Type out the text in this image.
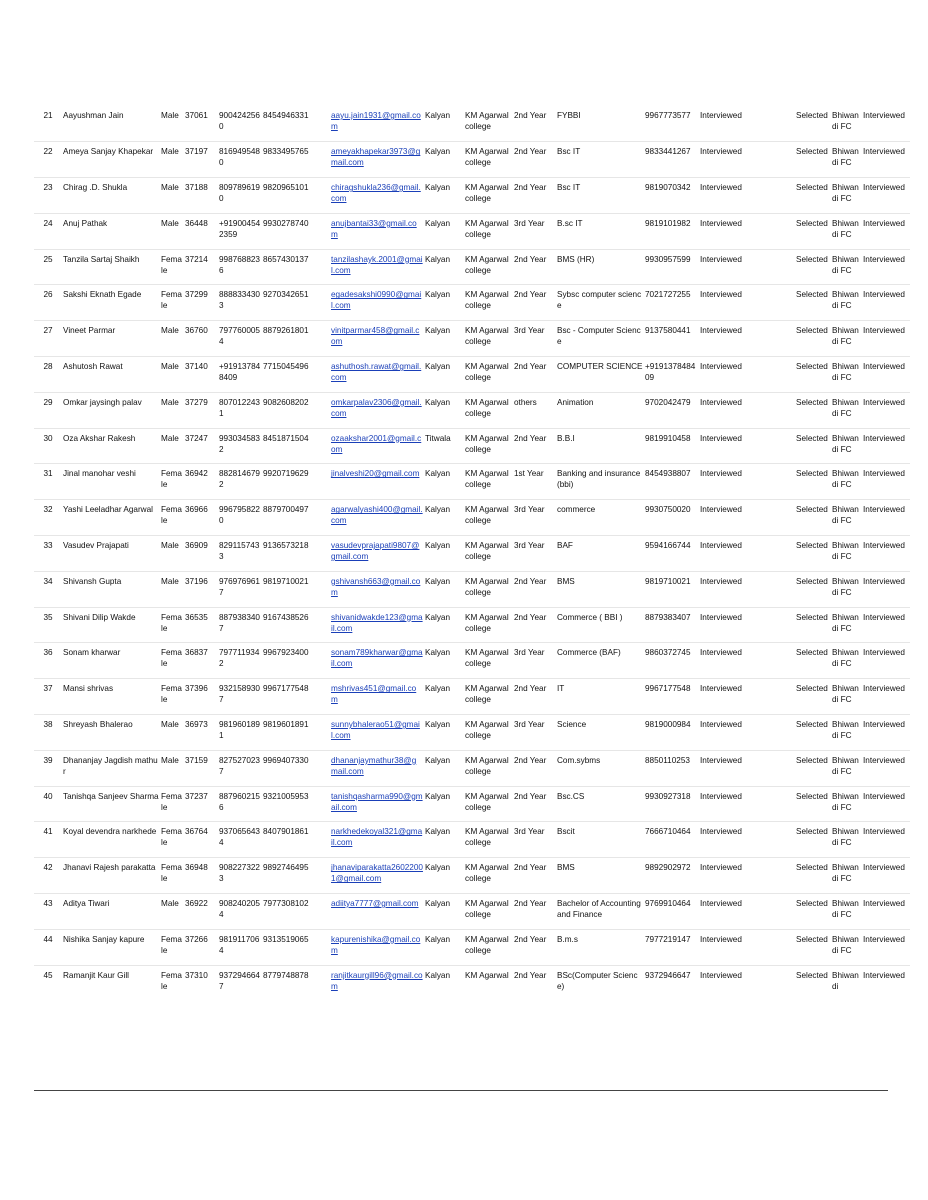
21	Aayushman Jain	Male	37061	9004242560	8454946331	aayu.jain1931@gmail.com	Kalyan	KM Agarwal college	2nd Year	FYBBI	9967773577	Interviewed	Selected	Bhiwandi FC	Interviewed
22	Ameya Sanjay Khapekar	Male	37197	8169495480	9833495765	ameyakhapekar3973@gmail.com	Kalyan	KM Agarwal college	2nd Year	Bsc IT	9833441267	Interviewed	Selected	Bhiwandi FC	Interviewed
23	Chirag .D. Shukla	Male	37188	8097896190	9820965101	chiragshukla236@gmail.com	Kalyan	KM Agarwal college	2nd Year	Bsc IT	9819070342	Interviewed	Selected	Bhiwandi FC	Interviewed
24	Anuj Pathak	Male	36448	+919004542359	9930278740	anujbantai33@gmail.com	Kalyan	KM Agarwal college	3rd Year	B.sc IT	9819101982	Interviewed	Selected	Bhiwandi FC	Interviewed
25	Tanzila Sartaj Shaikh	Female	37214	9987688236	8657430137	tanzilashayk.2001@gmail.com	Kalyan	KM Agarwal college	2nd Year	BMS (HR)	9930957599	Interviewed	Selected	Bhiwandi FC	Interviewed
26	Sakshi Eknath Egade	Female	37299	8888334303	9270342651	egadesakshi0990@gmail.com	Kalyan	KM Agarwal college	2nd Year	Sybsc computer science	7021727255	Interviewed	Selected	Bhiwandi FC	Interviewed
27	Vineet Parmar	Male	36760	7977600054	8879261801	vinitparmar458@gmail.com	Kalyan	KM Agarwal college	3rd Year	Bsc - Computer Science	9137580441	Interviewed	Selected	Bhiwandi FC	Interviewed
28	Ashutosh Rawat	Male	37140	+919137848409	7715045496	ashuthosh.rawat@gmail.com	Kalyan	KM Agarwal college	2nd Year	COMPUTER SCIENCE	+919137848409	Interviewed	Selected	Bhiwandi FC	Interviewed
29	Omkar jaysingh palav	Male	37279	8070122431	9082608202	omkarpalav2306@gmail.com	Kalyan	KM Agarwal college	others	Animation	9702042479	Interviewed	Selected	Bhiwandi FC	Interviewed
30	Oza Akshar Rakesh	Male	37247	9930345832	8451871504	ozaakshar2001@gmail.com	Titwala	KM Agarwal college	2nd Year	B.B.I	9819910458	Interviewed	Selected	Bhiwandi FC	Interviewed
31	Jinal manohar veshi	Female	36942	8828146792	9920719629	jinalveshi20@gmail.com	Kalyan	KM Agarwal college	1st Year	Banking and insurance (bbi)	8454938807	Interviewed	Selected	Bhiwandi FC	Interviewed
32	Yashi Leeladhar Agarwal	Female	36966	9967958220	8879700497	agarwalyashi400@gmail.com	Kalyan	KM Agarwal college	3rd Year	commerce	9930750020	Interviewed	Selected	Bhiwandi FC	Interviewed
33	Vasudev Prajapati	Male	36909	8291157433	9136573218	vasudevprajapati9807@gmail.com	Kalyan	KM Agarwal college	3rd Year	BAF	9594166744	Interviewed	Selected	Bhiwandi FC	Interviewed
34	Shivansh Gupta	Male	37196	9769769617	9819710021	gshivansh663@gmail.com	Kalyan	KM Agarwal college	2nd Year	BMS	9819710021	Interviewed	Selected	Bhiwandi FC	Interviewed
35	Shivani Dilip Wakde	Female	36535	8879383407	9167438526	shivanidwakde123@gmail.com	Kalyan	KM Agarwal college	2nd Year	Commerce ( BBI )	8879383407	Interviewed	Selected	Bhiwandi FC	Interviewed
36	Sonam kharwar	Female	36837	7977119342	9967923400	sonam789kharwar@gmail.com	Kalyan	KM Agarwal college	3rd Year	Commerce (BAF)	9860372745	Interviewed	Selected	Bhiwandi FC	Interviewed
37	Mansi shrivas	Female	37396	9321589307	9967177548	mshrivas451@gmail.com	Kalyan	KM Agarwal college	2nd Year	IT	9967177548	Interviewed	Selected	Bhiwandi FC	Interviewed
38	Shreyash Bhalerao	Male	36973	9819601891	9819601891	sunnybhalerao51@gmail.com	Kalyan	KM Agarwal college	3rd Year	Science	9819000984	Interviewed	Selected	Bhiwandi FC	Interviewed
39	Dhananjay Jagdish mathur	Male	37159	8275270237	9969407330	dhananjaymathur38@gmail.com	Kalyan	KM Agarwal college	2nd Year	Com.sybms	8850110253	Interviewed	Selected	Bhiwandi FC	Interviewed
40	Tanishqa Sanjeev Sharma	Female	37237	8879602156	9321005953	tanishqasharma990@gmail.com	Kalyan	KM Agarwal college	2nd Year	Bsc.CS	9930927318	Interviewed	Selected	Bhiwandi FC	Interviewed
41	Koyal devendra narkhede	Female	36764	9370656434	8407901861	narkhedekoyal321@gmail.com	Kalyan	KM Agarwal college	3rd Year	Bscit	7666710464	Interviewed	Selected	Bhiwandi FC	Interviewed
42	Jhanavi Rajesh parakatta	Female	36948	9082273223	9892746495	jhanaviparakatta26022001@gmail.com	Kalyan	KM Agarwal college	2nd Year	BMS	9892902972	Interviewed	Selected	Bhiwandi FC	Interviewed
43	Aditya Tiwari	Male	36922	9082402054	7977308102	adiitya7777@gmail.com	Kalyan	KM Agarwal college	2nd Year	Bachelor of Accounting and Finance	9769910464	Interviewed	Selected	Bhiwandi FC	Interviewed
44	Nishika Sanjay kapure	Female	37266	9819117064	9313519065	kapurenishika@gmail.com	Kalyan	KM Agarwal college	2nd Year	B.m.s	7977219147	Interviewed	Selected	Bhiwandi FC	Interviewed
45	Ramanjit Kaur Gill	Female	37310	9372946647	8779748878	ranjitkaurgill96@gmail.com	Kalyan	KM Agarwal	2nd Year	BSc(Computer Science)	9372946647	Interviewed	Selected	Bhiwandi	Interviewed
